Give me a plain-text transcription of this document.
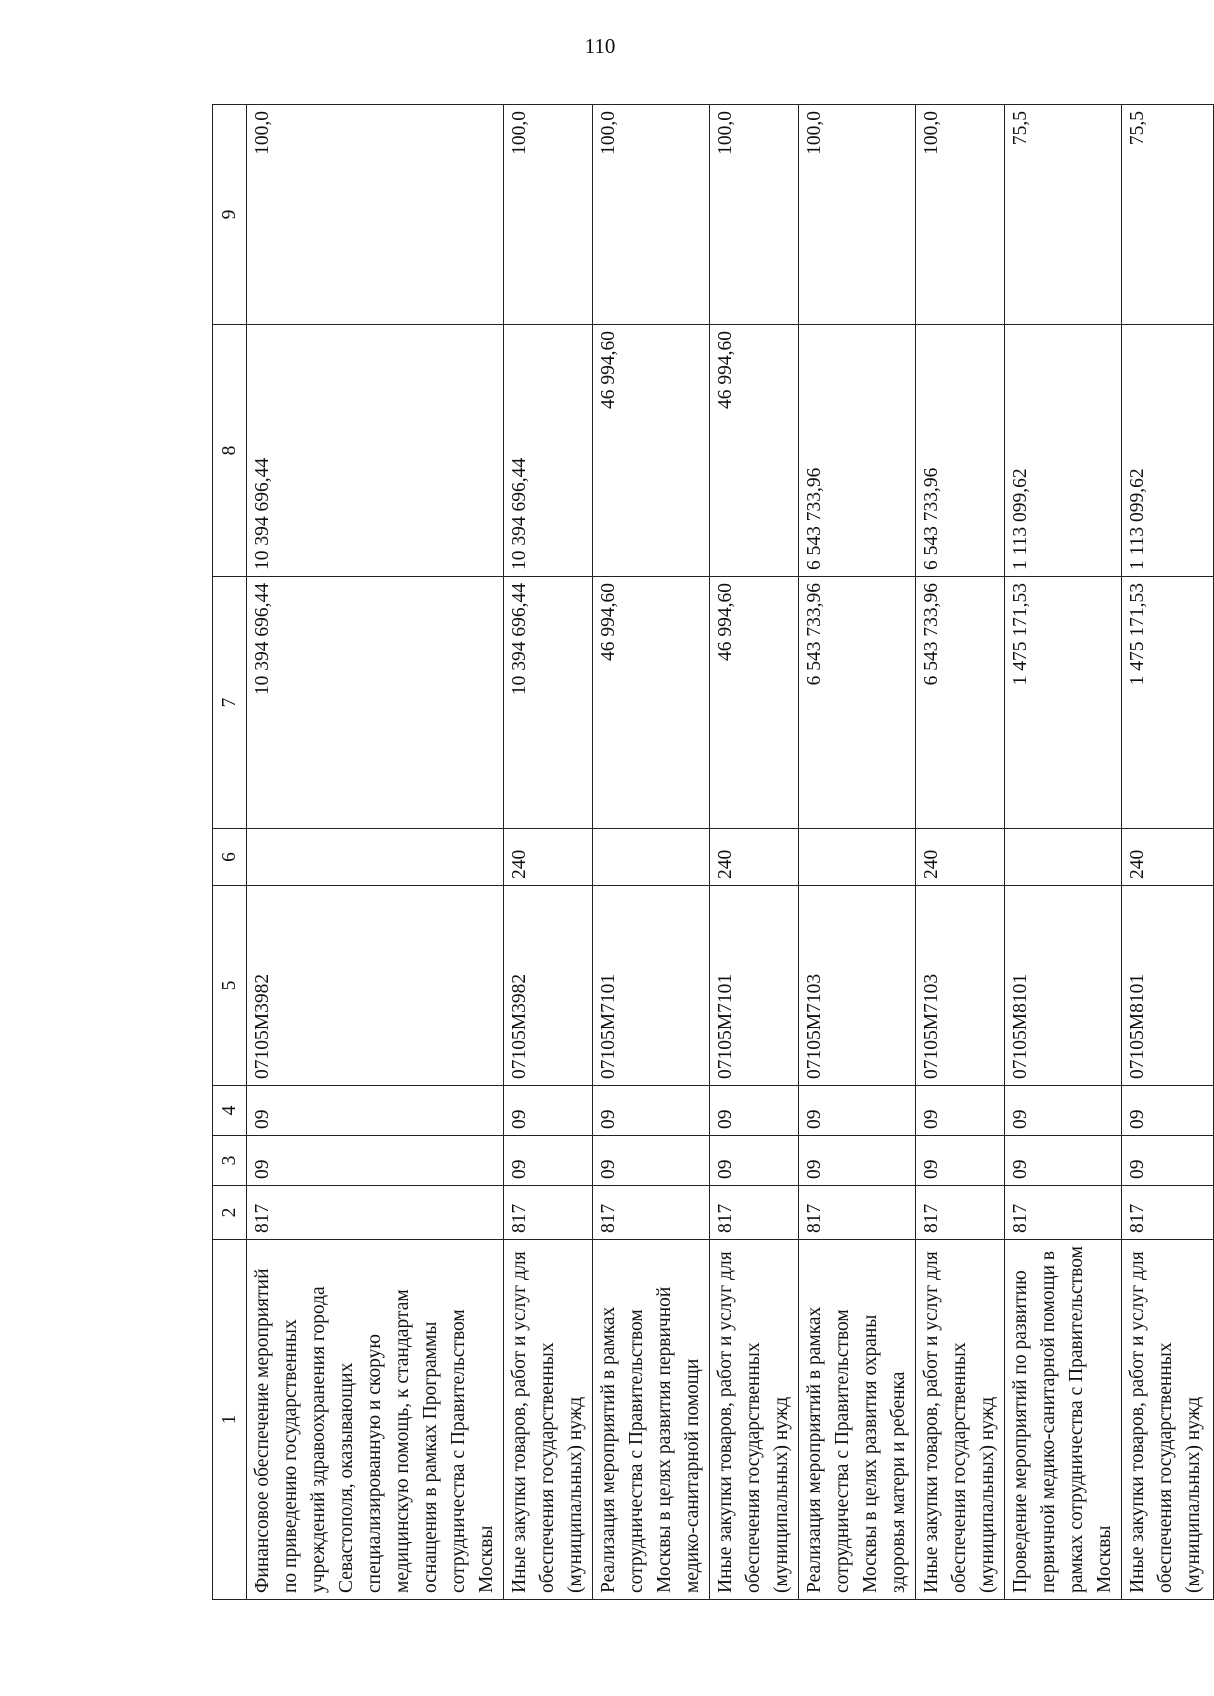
110
1	2	3	4	5	6	7	8	9
Финансовое обеспечение мероприятий по приведению государственных учреждений здравоохранения города Севастополя, оказывающих специализированную и скорую медицинскую помощь, к стандартам оснащения в рамках Программы сотрудничества с Правительством Москвы	817	09	09	07105М3982		10 394 696,44	10 394 696,44	100,0
Иные закупки товаров, работ и услуг для обеспечения государственных (муниципальных) нужд	817	09	09	07105М3982	240	10 394 696,44	10 394 696,44	100,0
Реализация мероприятий в рамках сотрудничества с Правительством Москвы в целях развития первичной медико-санитарной помощи	817	09	09	07105М7101		46 994,60	46 994,60	100,0
Иные закупки товаров, работ и услуг для обеспечения государственных (муниципальных) нужд	817	09	09	07105М7101	240	46 994,60	46 994,60	100,0
Реализация мероприятий в рамках сотрудничества с Правительством Москвы в целях развития охраны здоровья матери и ребенка	817	09	09	07105М7103		6 543 733,96	6 543 733,96	100,0
Иные закупки товаров, работ и услуг для обеспечения государственных (муниципальных) нужд	817	09	09	07105М7103	240	6 543 733,96	6 543 733,96	100,0
Проведение мероприятий по развитию первичной медико-санитарной помощи в рамках сотрудничества с Правительством Москвы	817	09	09	07105М8101		1 475 171,53	1 113 099,62	75,5
Иные закупки товаров, работ и услуг для обеспечения государственных (муниципальных) нужд	817	09	09	07105М8101	240	1 475 171,53	1 113 099,62	75,5
